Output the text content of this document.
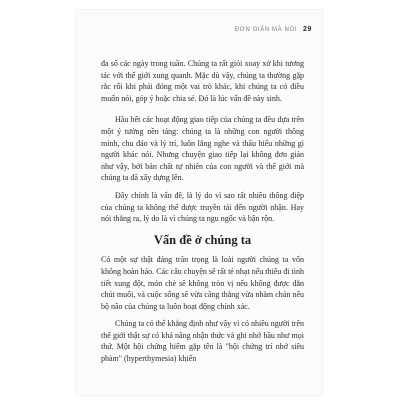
ĐƠN GIẢN MÀ NÓI 29

đa số các ngày trong tuần. Chúng ta rất giỏi xoay xở khi tương tác với thế giới xung quanh. Mặc dù vậy, chúng ta thường gặp rắc rối khi phải đóng một vai trò khác, khi chúng ta có điều muốn nói, góp ý hoặc chia sẻ. Đó là lúc vấn đề này sinh.

Hầu hết các hoạt động giao tiếp của chúng ta đều dựa trên một ý tưởng nền tảng: chúng ta là những con người thông minh, chu đáo và lý trí, luôn lắng nghe và thấu hiểu những gì người khác nói. Nhưng chuyện giao tiếp lại không đơn giản như vậy, bởi bản chất tự nhiên của con người và thế giới mà chúng ta đã xây dựng lên.

Đây chính là vấn đề, là lý do vì sao rất nhiều thông điệp của chúng ta không thể được truyền tải đến người nhận. Hay nói thẳng ra, lý do là vì chúng ta ngu ngốc và bận rộn.

Vấn đề ở chúng ta

Có một sự thật đáng trăn trọng là loài người chúng ta vốn không hoàn hảo. Các câu chuyện sẽ rất tẻ nhạt nếu thiếu đi tình tiết xung đột, món chè sẽ không tròn vị nếu không được dằn chút muối, và cuộc sống sẽ vừa căng thẳng vừa nhàm chán nếu bộ não của chúng ta luôn hoạt động chính xác.

Chúng ta có thể khẳng định như vậy vì có nhiều người trên thế giới thật sự có khả năng nhận thức và ghi nhớ hầu như mọi thứ. Một hội chứng hiếm gặp tên là "hội chứng trí nhớ siêu phàm" (hyperthymesia) khiến
